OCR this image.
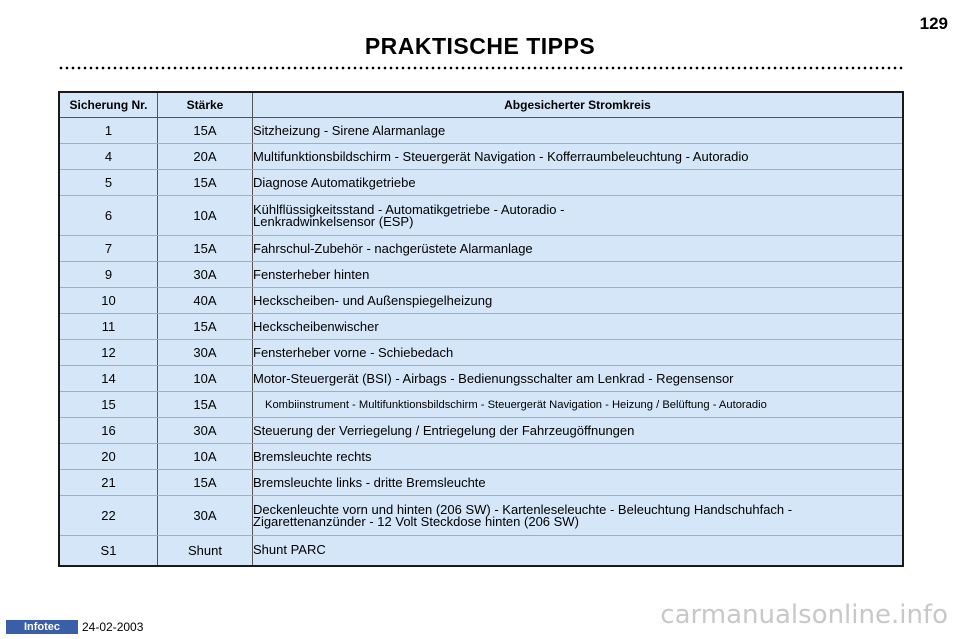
129
PRAKTISCHE TIPPS
Sicherung Nr.	Stärke	Abgesicherter Stromkreis
1	15A	Sitzheizung - Sirene Alarmanlage
4	20A	Multifunktionsbildschirm - Steuergerät Navigation - Kofferraumbeleuchtung - Autoradio
5	15A	Diagnose Automatikgetriebe
6	10A	Kühlflüssigkeitsstand - Automatikgetriebe - Autoradio -
Lenkradwinkelsensor (ESP)
7	15A	Fahrschul-Zubehör - nachgerüstete Alarmanlage
9	30A	Fensterheber hinten
10	40A	Heckscheiben- und Außenspiegelheizung
11	15A	Heckscheibenwischer
12	30A	Fensterheber vorne - Schiebedach
14	10A	Motor-Steuergerät (BSI) - Airbags - Bedienungsschalter am Lenkrad - Regensensor
15	15A	Kombiinstrument - Multifunktionsbildschirm - Steuergerät Navigation - Heizung / Belüftung - Autoradio
16	30A	Steuerung der Verriegelung / Entriegelung der Fahrzeugöffnungen
20	10A	Bremsleuchte rechts
21	15A	Bremsleuchte links - dritte Bremsleuchte
22	30A	Deckenleuchte vorn und hinten (206 SW) - Kartenleseleuchte - Beleuchtung Handschuhfach -
Zigarettenanzünder - 12 Volt Steckdose hinten (206 SW)
S1	Shunt	Shunt PARC
Infotec	24-02-2003	carmanualsonline.info
